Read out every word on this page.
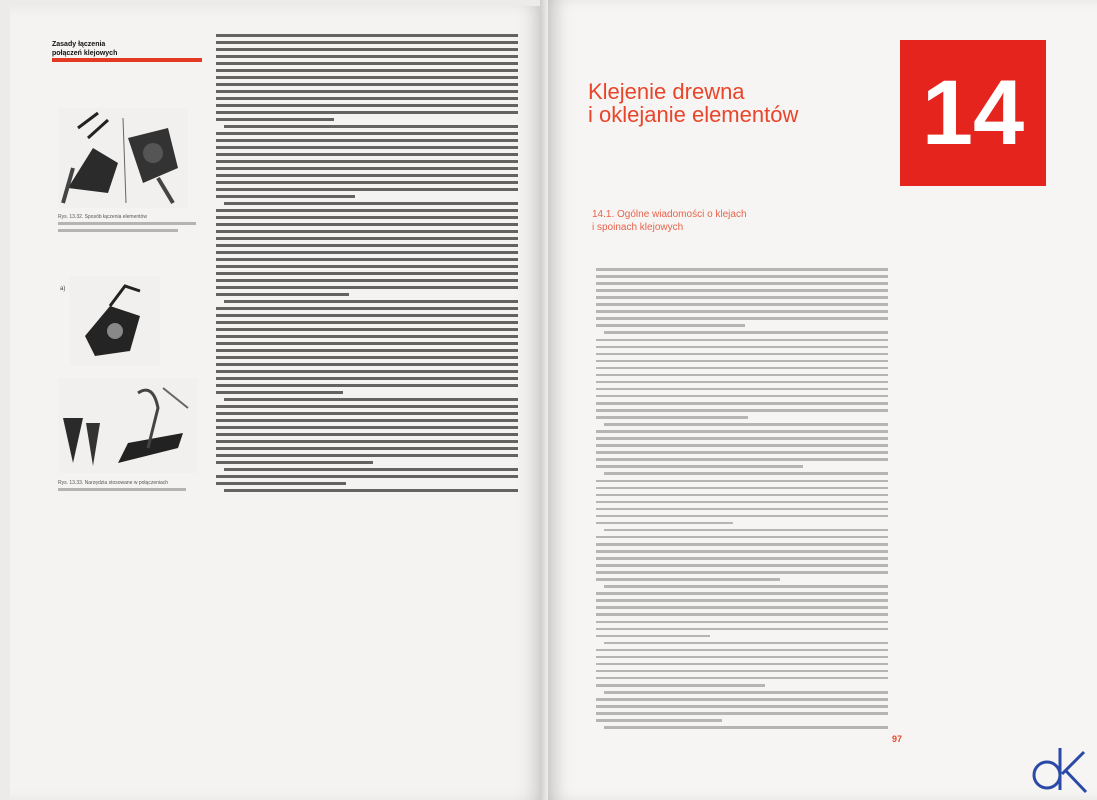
Zasady łączenia
połączeń klejowych
Rys. 13.32. Sposób łączenia elementów
a)
Rys. 13.33. Narzędzia stosowane w połączeniach
Klejenie drewna
i oklejanie elementów	14
14.1. Ogólne wiadomości o klejach
i spoinach klejowych
97
